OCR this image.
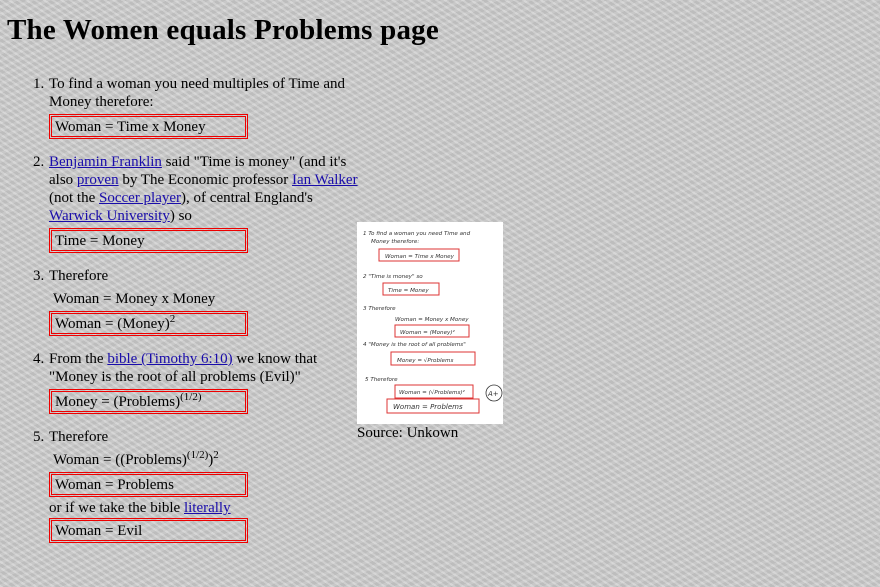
The Women equals Problems page
1. To find a woman you need multiples of Time and Money therefore:
Woman = Time x Money
2. Benjamin Franklin said "Time is money" (and it's also proven by The Economic professor Ian Walker (not the Soccer player), of central England's Warwick University) so
Time = Money
3. Therefore
Woman = Money x Money
Woman = (Money)$^2$
4. From the bible (Timothy 6:10) we know that "Money is the root of all problems (Evil)"
Money = (Problems)$^{(1/2)}$
5. Therefore
Woman = ((Problems)$^{(1/2)}$)$^2$
Woman = Problems
or if we take the bible literally
Woman = Evil
1 To find a woman you need Time and
Money therefore:
Woman = Time x Money
2 "Time is money" so
Time = Money
3 Therefore
Woman = Money x Money
Woman = (Money)²
4 "Money is the root of all problems"
Money = √Problems
5 Therefore
Woman = (√Problems)²
Woman = Problems
A+
Source: Unkown
